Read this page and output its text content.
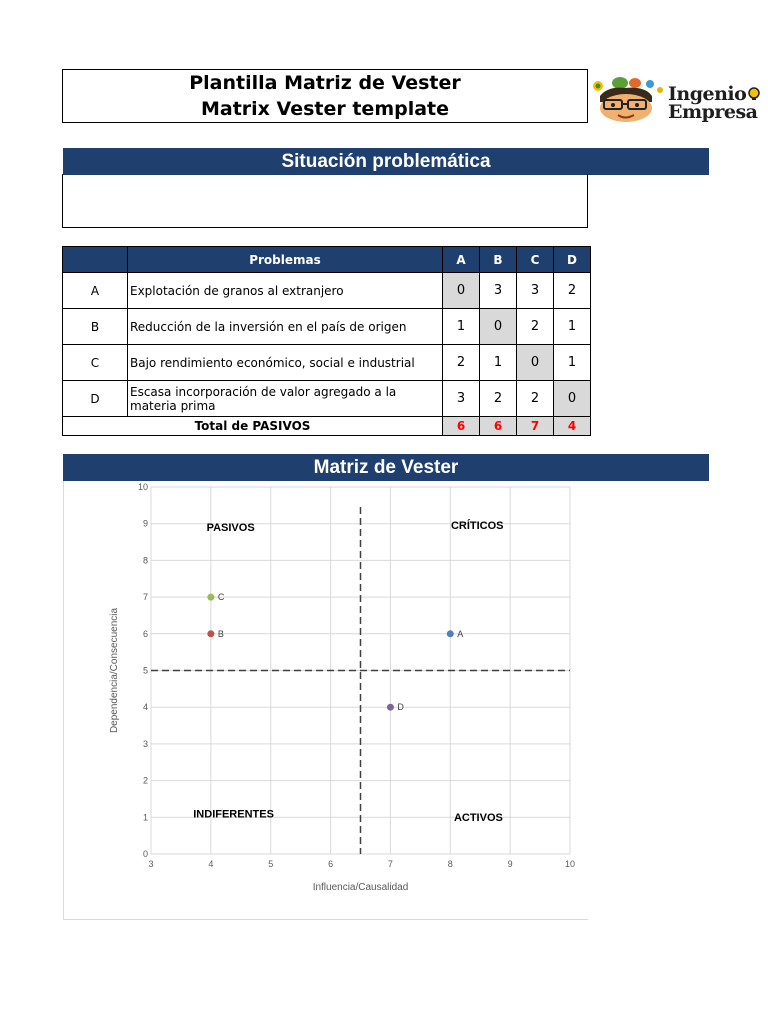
Plantilla Matriz de Vester
Matrix Vester template
Ingenio
Empresa
Situación problemática
	Problemas	A	B	C	D
A	Explotación de granos al extranjero	0	3	3	2
B	Reducción de la inversión en el país de origen	1	0	2	1
C	Bajo rendimiento económico, social e industrial	2	1	0	1
D	Escasa incorporación de valor agregado a la materia prima	3	2	2	0
Total de PASIVOS		6	6	7	4
Matriz de Vester
3	4	5	6	7	8	9	10
0
1
2
3
4
5
6
7
8
9
10
PASIVOS	CRÍTICOS
INDIFERENTES	ACTIVOS
A
B
C
D
Influencia/Causalidad
Dependencia/Consecuencia
